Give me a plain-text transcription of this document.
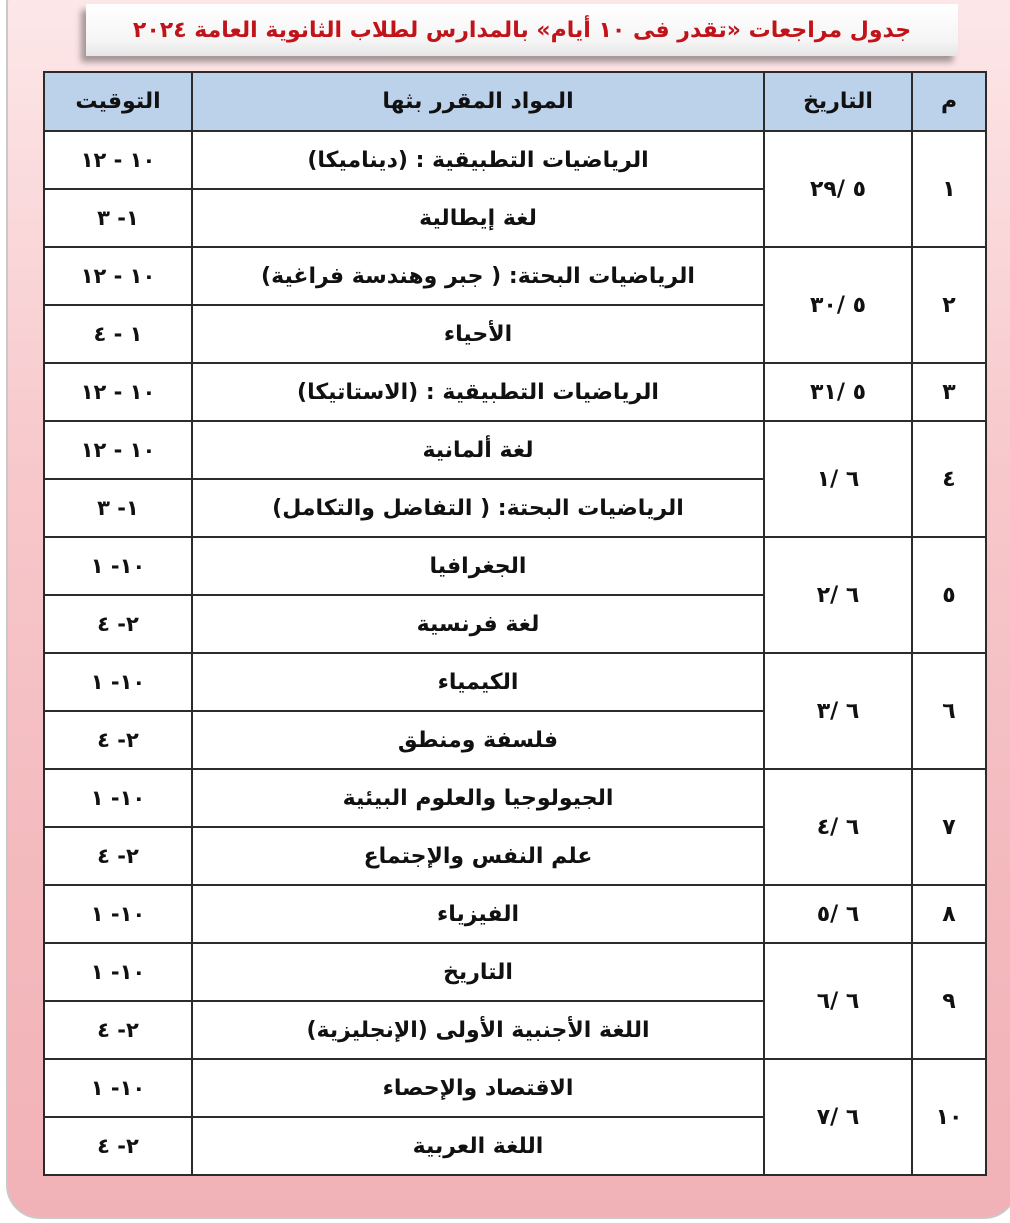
جدول مراجعات «تقدر فى ١٠ أيام» بالمدارس لطلاب الثانوية العامة ٢٠٢٤
م	التاريخ	المواد المقرر بثها	التوقيت
١	٥ /٢٩	الرياضيات التطبيقية : (ديناميكا)	١٠ - ١٢
		لغة إيطالية	١- ٣
٢	٥ /٣٠	الرياضيات البحتة: ( جبر وهندسة فراغية)	١٠ - ١٢
		الأحياء	١ - ٤
٣	٥ /٣١	الرياضيات التطبيقية : (الاستاتيكا)	١٠ - ١٢
٤	٦ /١	لغة ألمانية	١٠ - ١٢
		الرياضيات البحتة: ( التفاضل والتكامل)	١- ٣
٥	٦ /٢	الجغرافيا	١٠- ١
		لغة فرنسية	٢- ٤
٦	٦ /٣	الكيمياء	١٠- ١
		فلسفة ومنطق	٢- ٤
٧	٦ /٤	الجيولوجيا والعلوم البيئية	١٠- ١
		علم النفس والإجتماع	٢- ٤
٨	٦ /٥	الفيزياء	١٠- ١
٩	٦ /٦	التاريخ	١٠- ١
		اللغة الأجنبية الأولى (الإنجليزية)	٢- ٤
١٠	٦ /٧	الاقتصاد والإحصاء	١٠- ١
		اللغة العربية	٢- ٤
